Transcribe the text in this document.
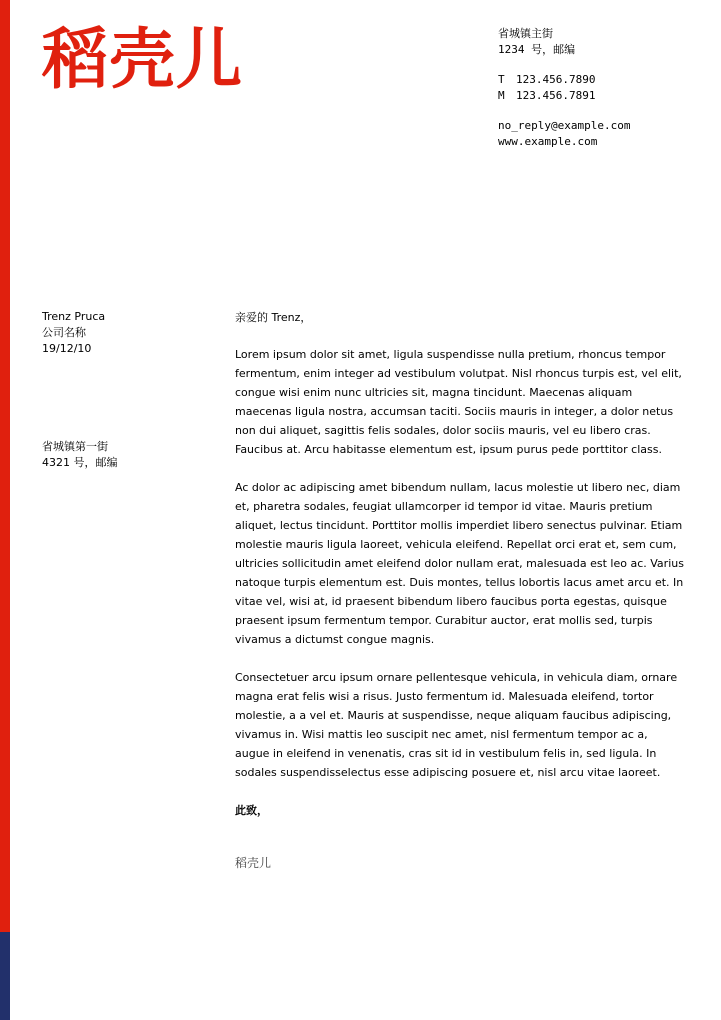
稻壳儿	省城镇主街
1234 号，邮编
T 123.456.7890
M 123.456.7891
no_reply@example.com
www.example.com
Trenz Pruca
公司名称
19/12/10
省城镇第一街
4321 号，邮编
亲爱的 Trenz，

Lorem ipsum dolor sit amet, ligula suspendisse nulla pretium, rhoncus tempor fermentum, enim integer ad vestibulum volutpat. Nisl rhoncus turpis est, vel elit, congue wisi enim nunc ultricies sit, magna tincidunt. Maecenas aliquam maecenas ligula nostra, accumsan taciti. Sociis mauris in integer, a dolor netus non dui aliquet, sagittis felis sodales, dolor sociis mauris, vel eu libero cras. Faucibus at. Arcu habitasse elementum est, ipsum purus pede porttitor class.

Ac dolor ac adipiscing amet bibendum nullam, lacus molestie ut libero nec, diam et, pharetra sodales, feugiat ullamcorper id tempor id vitae. Mauris pretium aliquet, lectus tincidunt. Porttitor mollis imperdiet libero senectus pulvinar. Etiam molestie mauris ligula laoreet, vehicula eleifend. Repellat orci erat et, sem cum, ultricies sollicitudin amet eleifend dolor nullam erat, malesuada est leo ac. Varius natoque turpis elementum est. Duis montes, tellus lobortis lacus amet arcu et. In vitae vel, wisi at, id praesent bibendum libero faucibus porta egestas, quisque praesent ipsum fermentum tempor. Curabitur auctor, erat mollis sed, turpis vivamus a dictumst congue magnis.

Consectetuer arcu ipsum ornare pellentesque vehicula, in vehicula diam, ornare magna erat felis wisi a risus. Justo fermentum id. Malesuada eleifend, tortor molestie, a a vel et. Mauris at suspendisse, neque aliquam faucibus adipiscing, vivamus in. Wisi mattis leo suscipit nec amet, nisl fermentum tempor ac a, augue in eleifend in venenatis, cras sit id in vestibulum felis in, sed ligula. In sodales suspendisselectus esse adipiscing posuere et, nisl arcu vitae laoreet.

此致，
稻壳儿
